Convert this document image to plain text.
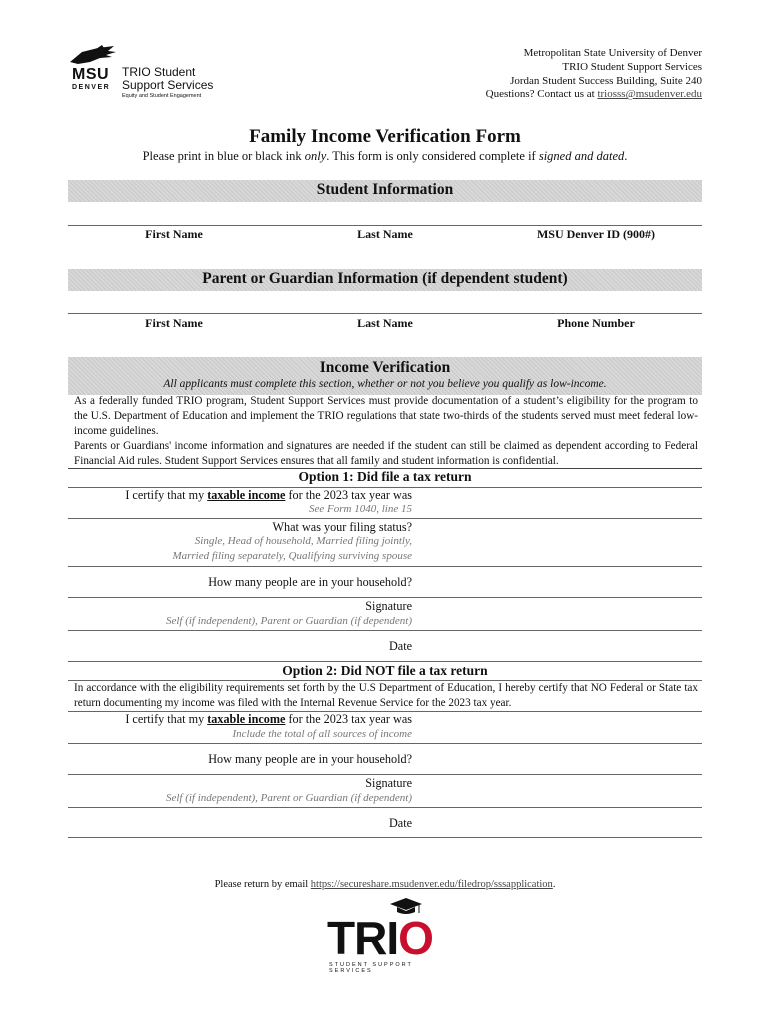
MSU
DENVER
TRIO Student
Support Services
Equity and Student Engagement
Metropolitan State University of Denver
TRIO Student Support Services
Jordan Student Success Building, Suite 240
Questions? Contact us at triosss@msudenver.edu
Family Income Verification Form
Please print in blue or black ink only. This form is only considered complete if signed and dated.
Student Information
First Name	Last Name	MSU Denver ID (900#)
Parent or Guardian Information (if dependent student)
First Name	Last Name	Phone Number
Income Verification
All applicants must complete this section, whether or not you believe you qualify as low-income.
As a federally funded TRIO program, Student Support Services must provide documentation of a student’s eligibility for the program to the U.S. Department of Education and implement the TRIO regulations that state two-thirds of the students served must meet federal low-income guidelines.
Parents or Guardians' income information and signatures are needed if the student can still be claimed as dependent according to Federal Financial Aid rules. Student Support Services ensures that all family and student information is confidential.
Option 1: Did file a tax return
I certify that my taxable income for the 2023 tax year was
See Form 1040, line 15
What was your filing status?
Single, Head of household, Married filing jointly,
Married filing separately, Qualifying surviving spouse
How many people are in your household?
Signature
Self (if independent), Parent or Guardian (if dependent)
Date
Option 2: Did NOT file a tax return
In accordance with the eligibility requirements set forth by the U.S Department of Education, I hereby certify that NO Federal or State tax return documenting my income was filed with the Internal Revenue Service for the 2023 tax year.
I certify that my taxable income for the 2023 tax year was
Include the total of all sources of income
How many people are in your household?
Signature
Self (if independent), Parent or Guardian (if dependent)
Date
Please return by email https://secureshare.msudenver.edu/filedrop/sssapplication.
TRIO
STUDENT SUPPORT SERVICES
